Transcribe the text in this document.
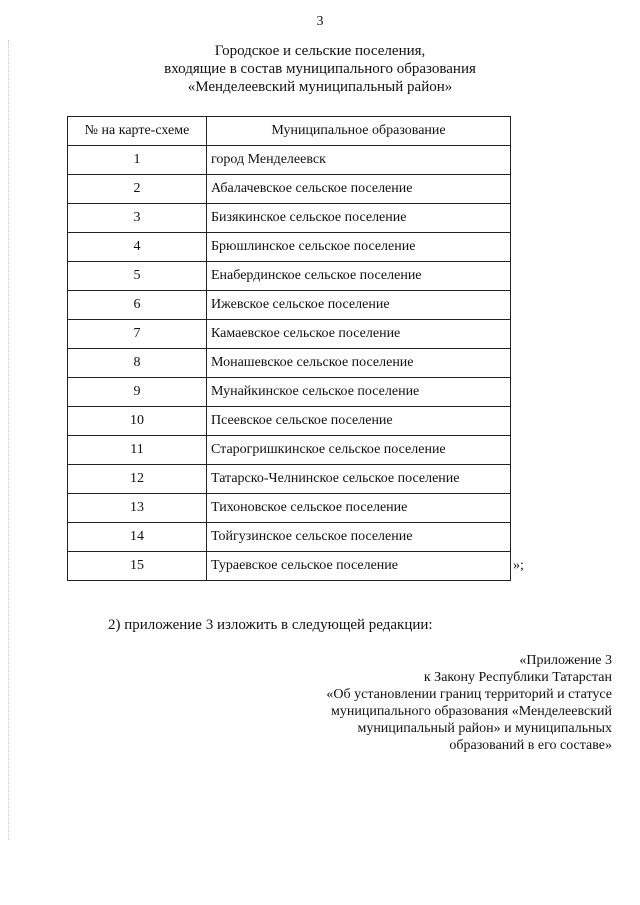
3
Городское и сельские поселения,
входящие в состав муниципального образования
«Менделеевский муниципальный район»
№ на карте-схеме	Муниципальное образование
1	город Менделеевск
2	Абалачевское сельское поселение
3	Бизякинское сельское поселение
4	Брюшлинское сельское поселение
5	Енабердинское сельское поселение
6	Ижевское сельское поселение
7	Камаевское сельское поселение
8	Монашевское сельское поселение
9	Мунайкинское сельское поселение
10	Псеевское сельское поселение
11	Старогришкинское сельское поселение
12	Татарско-Челнинское сельское поселение
13	Тихоновское сельское поселение
14	Тойгузинское сельское поселение
15	Тураевское сельское поселение	»;
2) приложение 3 изложить в следующей редакции:
«Приложение 3
к Закону Республики Татарстан
«Об установлении границ территорий и статусе
муниципального образования «Менделеевский
муниципальный район» и муниципальных
образований в его составе»
